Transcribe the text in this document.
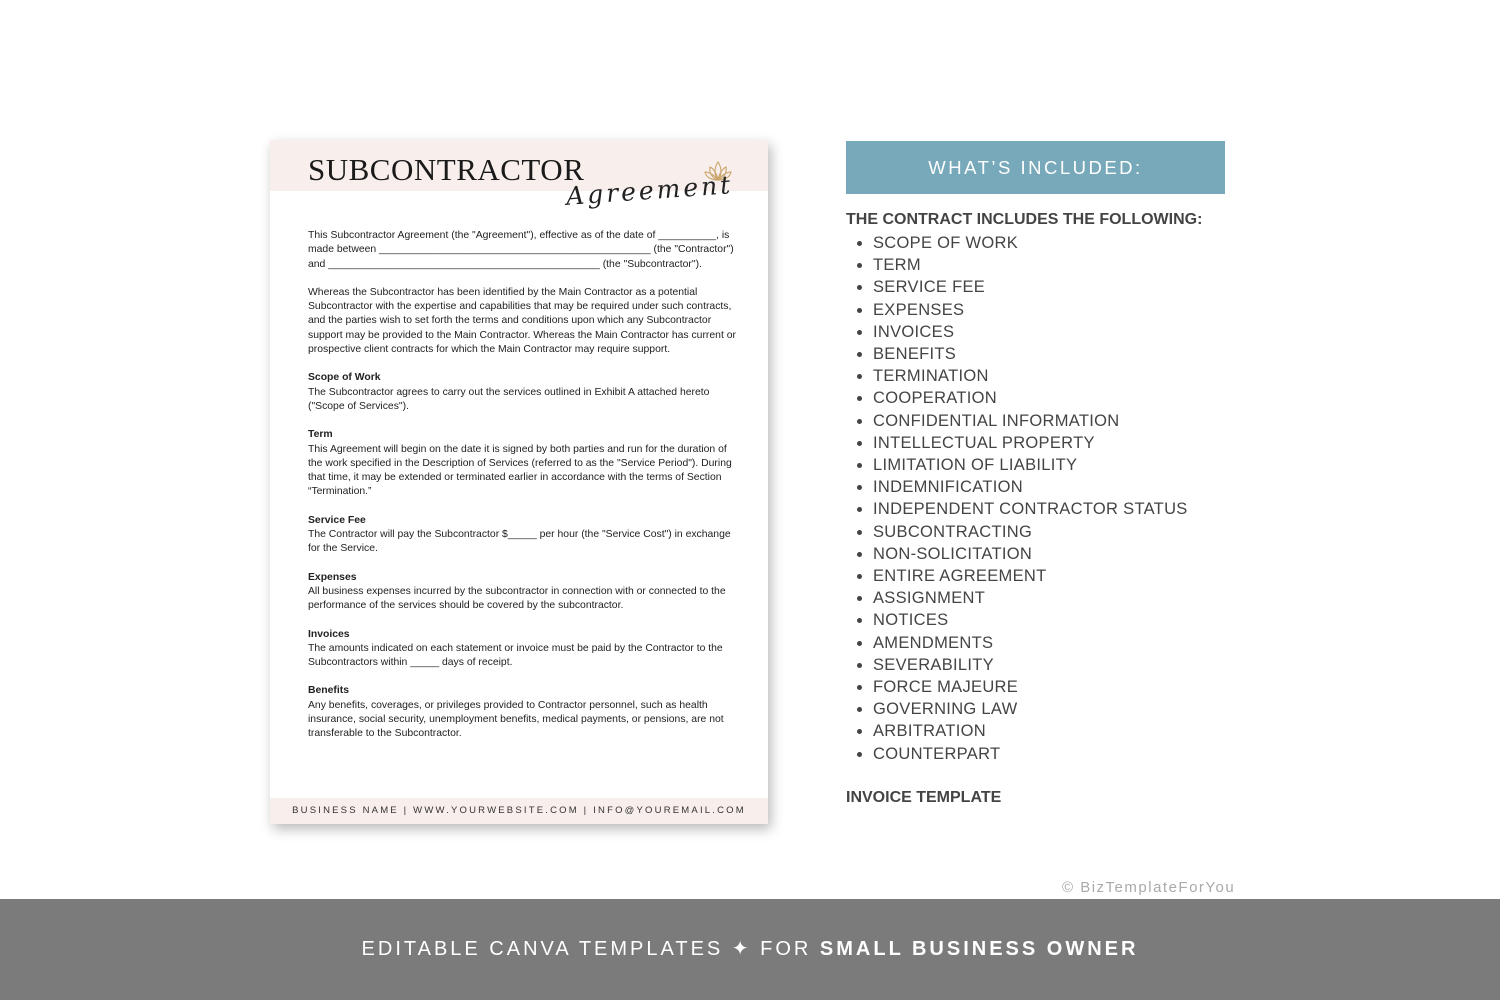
SUBCONTRACTOR
Agreement

This Subcontractor Agreement (the "Agreement"), effective as of the date of __________, is made between _______________________________________________ (the "Contractor") and _______________________________________________ (the "Subcontractor").

Whereas the Subcontractor has been identified by the Main Contractor as a potential Subcontractor with the expertise and capabilities that may be required under such contracts, and the parties wish to set forth the terms and conditions upon which any Subcontractor support may be provided to the Main Contractor. Whereas the Main Contractor has current or prospective client contracts for which the Main Contractor may require support.

Scope of Work
The Subcontractor agrees to carry out the services outlined in Exhibit A attached hereto ("Scope of Services").

Term
This Agreement will begin on the date it is signed by both parties and run for the duration of the work specified in the Description of Services (referred to as the "Service Period"). During that time, it may be extended or terminated earlier in accordance with the terms of Section “Termination.”

Service Fee
The Contractor will pay the Subcontractor $_____ per hour (the "Service Cost") in exchange for the Service.

Expenses
All business expenses incurred by the subcontractor in connection with or connected to the performance of the services should be covered by the subcontractor.

Invoices
The amounts indicated on each statement or invoice must be paid by the Contractor to the Subcontractors within _____ days of receipt.

Benefits
Any benefits, coverages, or privileges provided to Contractor personnel, such as health insurance, social security, unemployment benefits, medical payments, or pensions, are not transferable to the Subcontractor.

BUSINESS NAME | WWW.YOURWEBSITE.COM | INFO@YOUREMAIL.COM
WHAT’S INCLUDED:
THE CONTRACT INCLUDES THE FOLLOWING:
• SCOPE OF WORK
• TERM
• SERVICE FEE
• EXPENSES
• INVOICES
• BENEFITS
• TERMINATION
• COOPERATION
• CONFIDENTIAL INFORMATION
• INTELLECTUAL PROPERTY
• LIMITATION OF LIABILITY
• INDEMNIFICATION
• INDEPENDENT CONTRACTOR STATUS
• SUBCONTRACTING
• NON-SOLICITATION
• ENTIRE AGREEMENT
• ASSIGNMENT
• NOTICES
• AMENDMENTS
• SEVERABILITY
• FORCE MAJEURE
• GOVERNING LAW
• ARBITRATION
• COUNTERPART
INVOICE TEMPLATE
© BizTemplateForYou
EDITABLE CANVA TEMPLATES ✦ FOR SMALL BUSINESS OWNER
